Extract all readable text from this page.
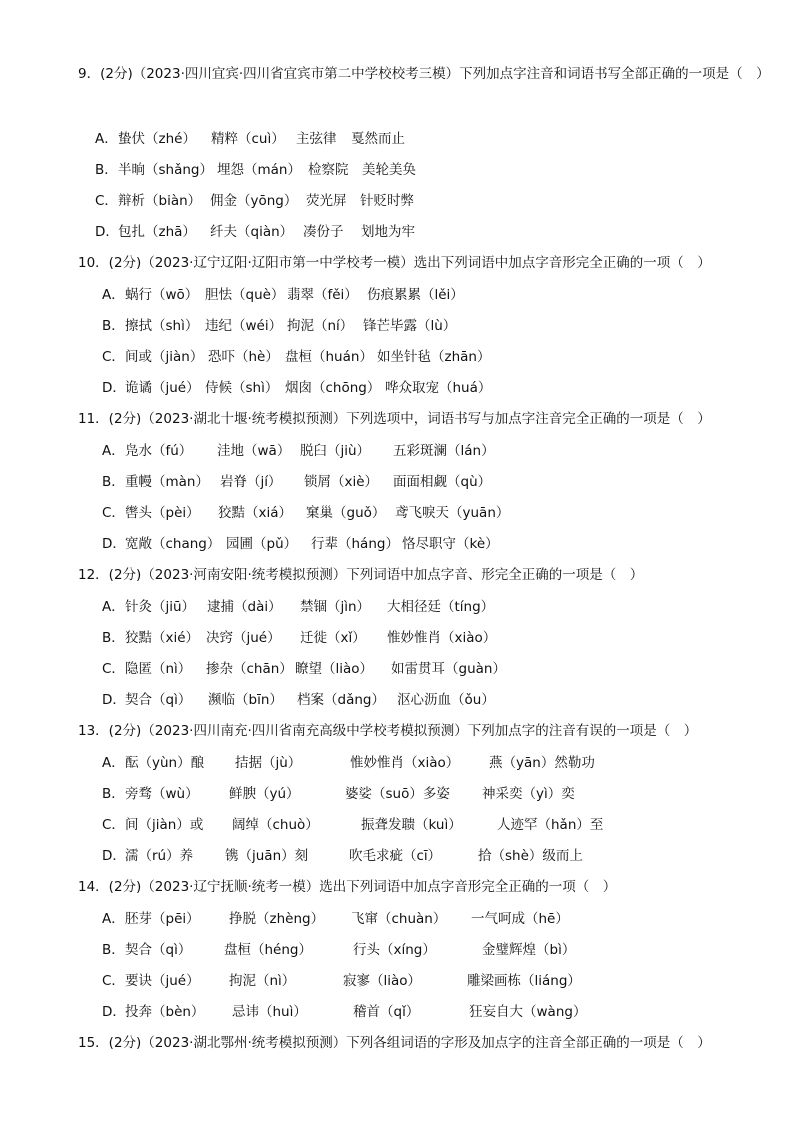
9．(2分)（2023·四川宜宾·四川省宜宾市第二中学校校考三模）下列加点字注音和词语书写全部正确的一项是（　）
A． 蛰伏（zhé） 精粹（cuì） 主弦律 戛然而止
B． 半晌（shǎng） 埋怨（mán） 检察院 美轮美奂
C． 辩析（biàn） 佣金（yōng） 荧光屏 针贬时弊
D． 包扎（zhā） 纤夫（qiàn） 凑份子 划地为牢
10．(2分)（2023·辽宁辽阳·辽阳市第一中学校考一模）选出下列词语中加点字音形完全正确的一项（　）
A． 蜗行（wō） 胆怯（què） 翡翠（fěi） 伤痕累累（lěi）
B． 擦拭（shì） 违纪（wéi） 拘泥（ní） 锋芒毕露（lù）
C． 间或（jiàn） 恐吓（hè） 盘桓（huán） 如坐针毡（zhān）
D． 诡谲（jué） 侍候（shì） 烟囱（chōng） 哗众取宠（huá）
11．(2分)（2023·湖北十堰·统考模拟预测）下列选项中，词语书写与加点字注音完全正确的一项是（　）
A． 凫水（fú） 洼地（wā） 脱臼（jiù） 五彩斑澜（lán）
B． 重幔（màn） 岩脊（jí） 锁屑（xiè） 面面相觑（qù）
C． 辔头（pèi） 狡黠（xiá） 窠巢（guǒ） 鸢飞唳天（yuān）
D． 宽敞（chang） 园圃（pǔ） 行辈（háng） 恪尽职守（kè）
12．(2分)（2023·河南安阳·统考模拟预测）下列词语中加点字音、形完全正确的一项是（　）
A． 针灸（jiū） 逮捕（dài） 禁锢（jìn） 大相径廷（tíng）
B． 狡黠（xié） 决窍（jué） 迁徙（xǐ） 惟妙惟肖（xiào）
C． 隐匿（nì） 掺杂（chān） 瞭望（liào） 如雷贯耳（guàn）
D． 契合（qì） 濒临（bīn） 档案（dǎng） 沤心沥血（ǒu）
13．(2分)（2023·四川南充·四川省南充高级中学校考模拟预测）下列加点字的注音有误的一项是（　）
A． 酝（yùn）酿 拮据（jù）	惟妙惟肖（xiào） 燕（yān）然勒功
B． 旁骛（wù） 鲜腴（yú）	婆娑（suō）多姿 神采奕（yì）奕
C． 间（jiàn）或 阔绰（chuò）	振聋发聩（kuì）	人迹罕（hǎn）至
D． 濡（rú）养 镌（juān）刻	吹毛求疵（cī）	拾（shè）级而上
14．(2分)（2023·辽宁抚顺·统考一模）选出下列词语中加点字音形完全正确的一项（　）
A． 胚芽（pēi） 挣脱（zhèng） 飞窜（chuàn） 一气呵成（hē）
B． 契合（qì） 盘桓（héng）	行头（xíng）	金璧辉煌（bì）
C． 要诀（jué） 拘泥（nì）	寂寥（liào）	雕梁画栋（liáng）
D． 投奔（bèn） 忌讳（huì）	稽首（qǐ）	狂妄自大（wàng）
15．(2分)（2023·湖北鄂州·统考模拟预测）下列各组词语的字形及加点字的注音全部正确的一项是（　）
